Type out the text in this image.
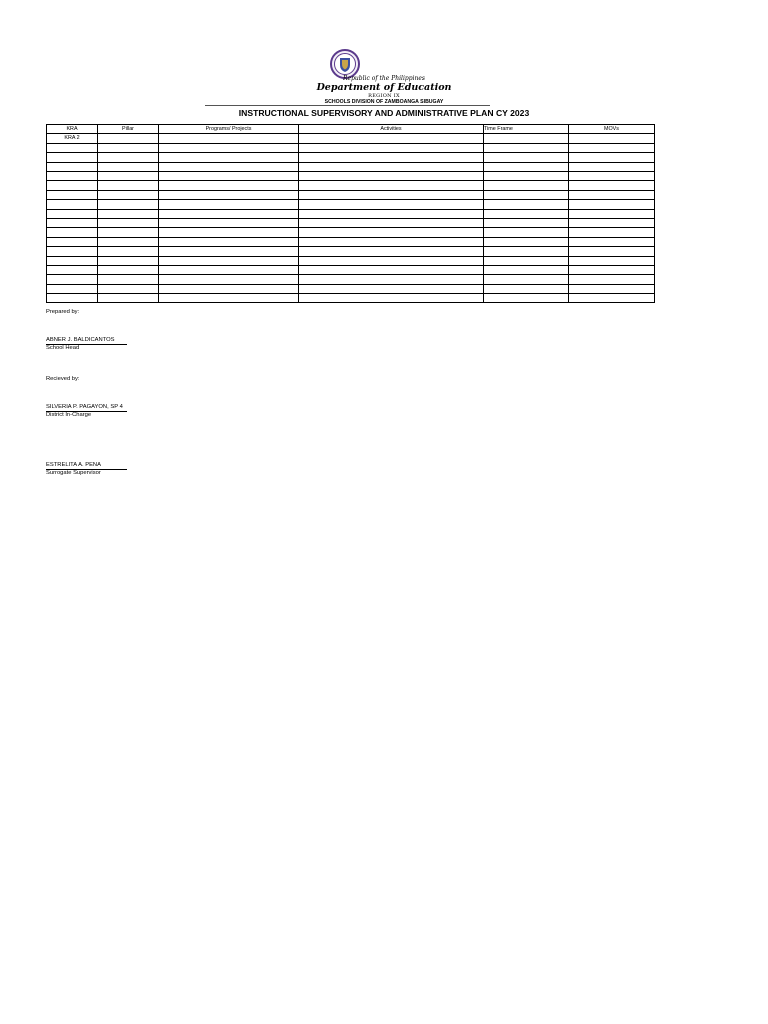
Republic of the Philippines
Department of Education
REGION IX
SCHOOLS DIVISION OF ZAMBOANGA SIBUGAY
INSTRUCTIONAL SUPERVISORY AND ADMINISTRATIVE PLAN CY 2023
KRA	Pillar	Programs/ Projects	Activities	Time Frame	MOVs
KRA 2					

Prepared by:
ABNER J. BALDICANTOS
School Head
Recieved by:
SILVERIA P. PAGAYON, SP 4
District In-Charge
ESTRELITA A. PENA
Surrogate Supervisor
